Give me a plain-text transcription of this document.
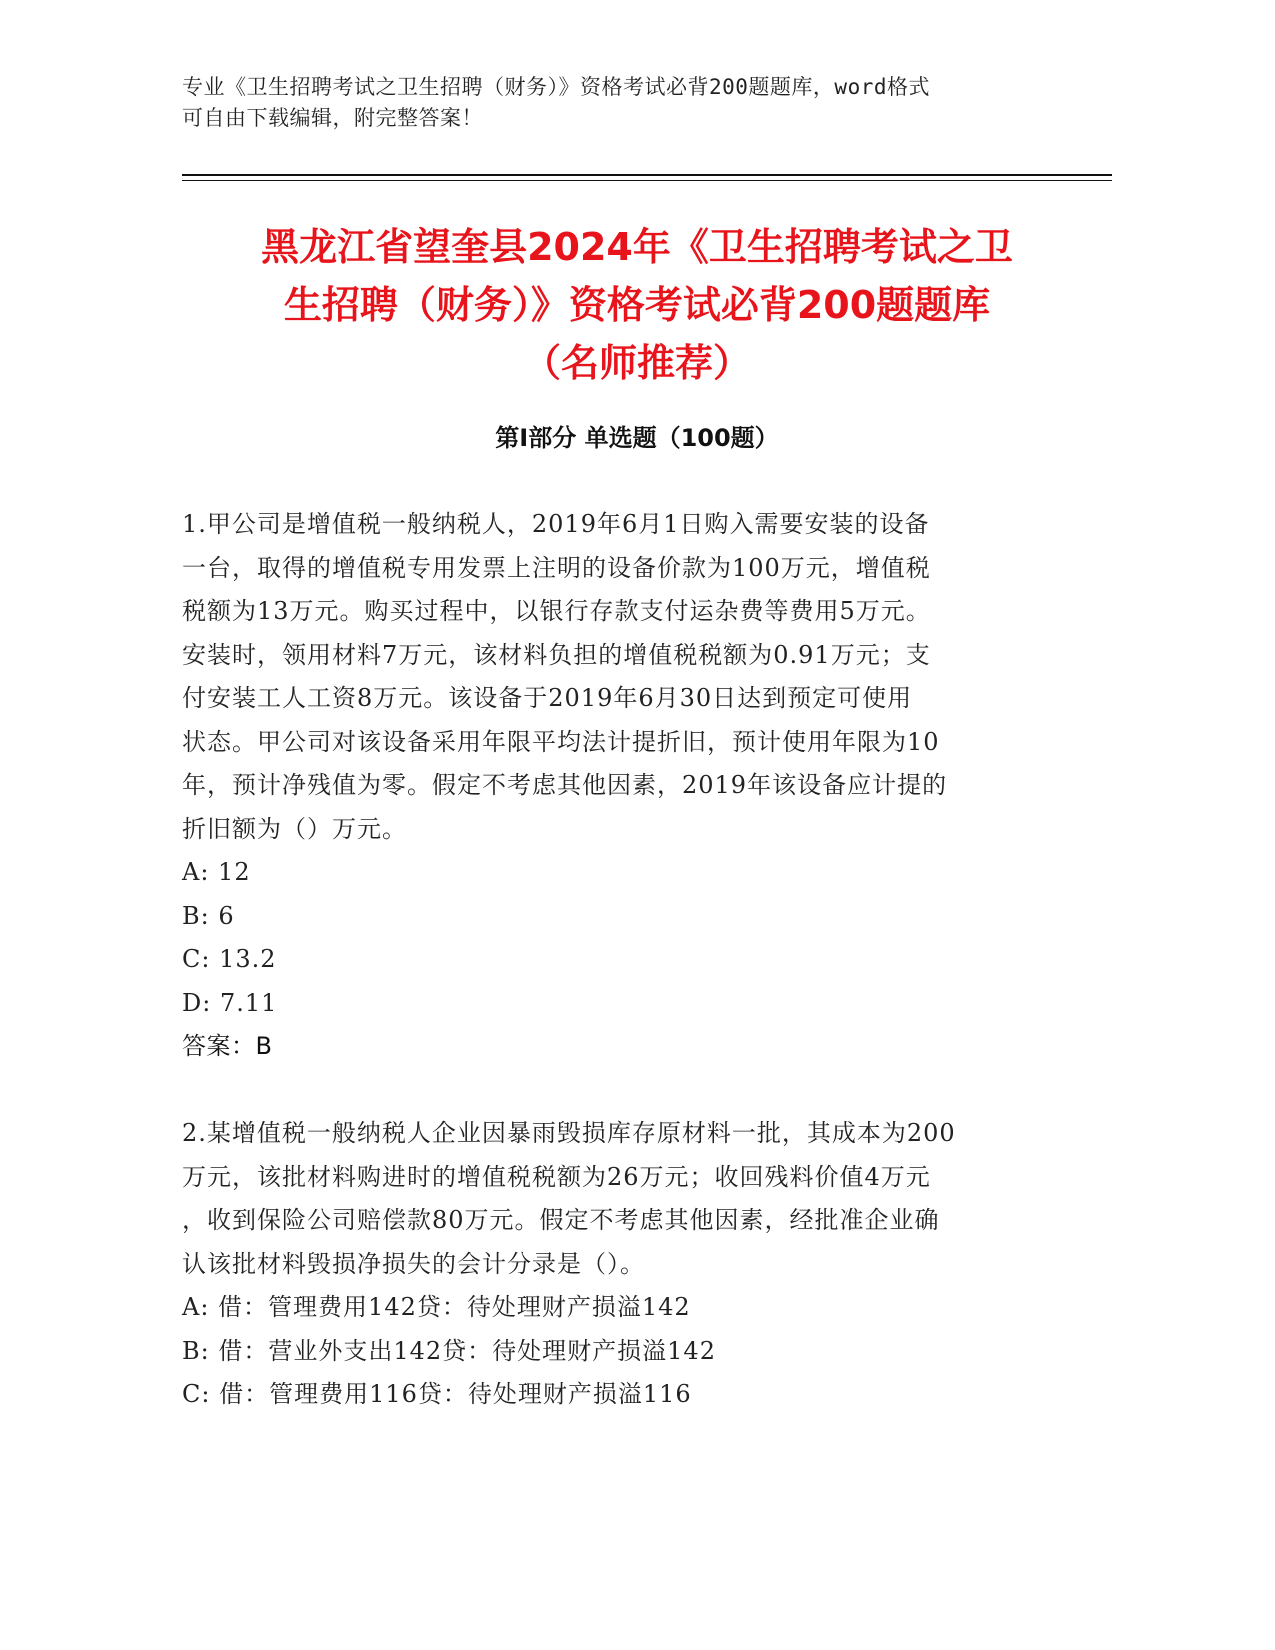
专业《卫生招聘考试之卫生招聘（财务）》资格考试必背200题题库，word格式
可自由下载编辑，附完整答案！
黑龙江省望奎县2024年《卫生招聘考试之卫
生招聘（财务）》资格考试必背200题题库
（名师推荐）
第Ⅰ部分 单选题（100题）
1.甲公司是增值税一般纳税人，2019年6月1日购入需要安装的设备
一台，取得的增值税专用发票上注明的设备价款为100万元，增值税
税额为13万元。购买过程中，以银行存款支付运杂费等费用5万元。
安装时，领用材料7万元，该材料负担的增值税税额为0.91万元；支
付安装工人工资8万元。该设备于2019年6月30日达到预定可使用
状态。甲公司对该设备采用年限平均法计提折旧，预计使用年限为10
年，预计净残值为零。假定不考虑其他因素，2019年该设备应计提的
折旧额为（）万元。
A: 12
B: 6
C: 13.2
D: 7.11
答案：B
2.某增值税一般纳税人企业因暴雨毁损库存原材料一批，其成本为200
万元，该批材料购进时的增值税税额为26万元；收回残料价值4万元
，收到保险公司赔偿款80万元。假定不考虑其他因素，经批准企业确
认该批材料毁损净损失的会计分录是（）。
A: 借：管理费用142贷：待处理财产损溢142
B: 借：营业外支出142贷：待处理财产损溢142
C: 借：管理费用116贷：待处理财产损溢116
